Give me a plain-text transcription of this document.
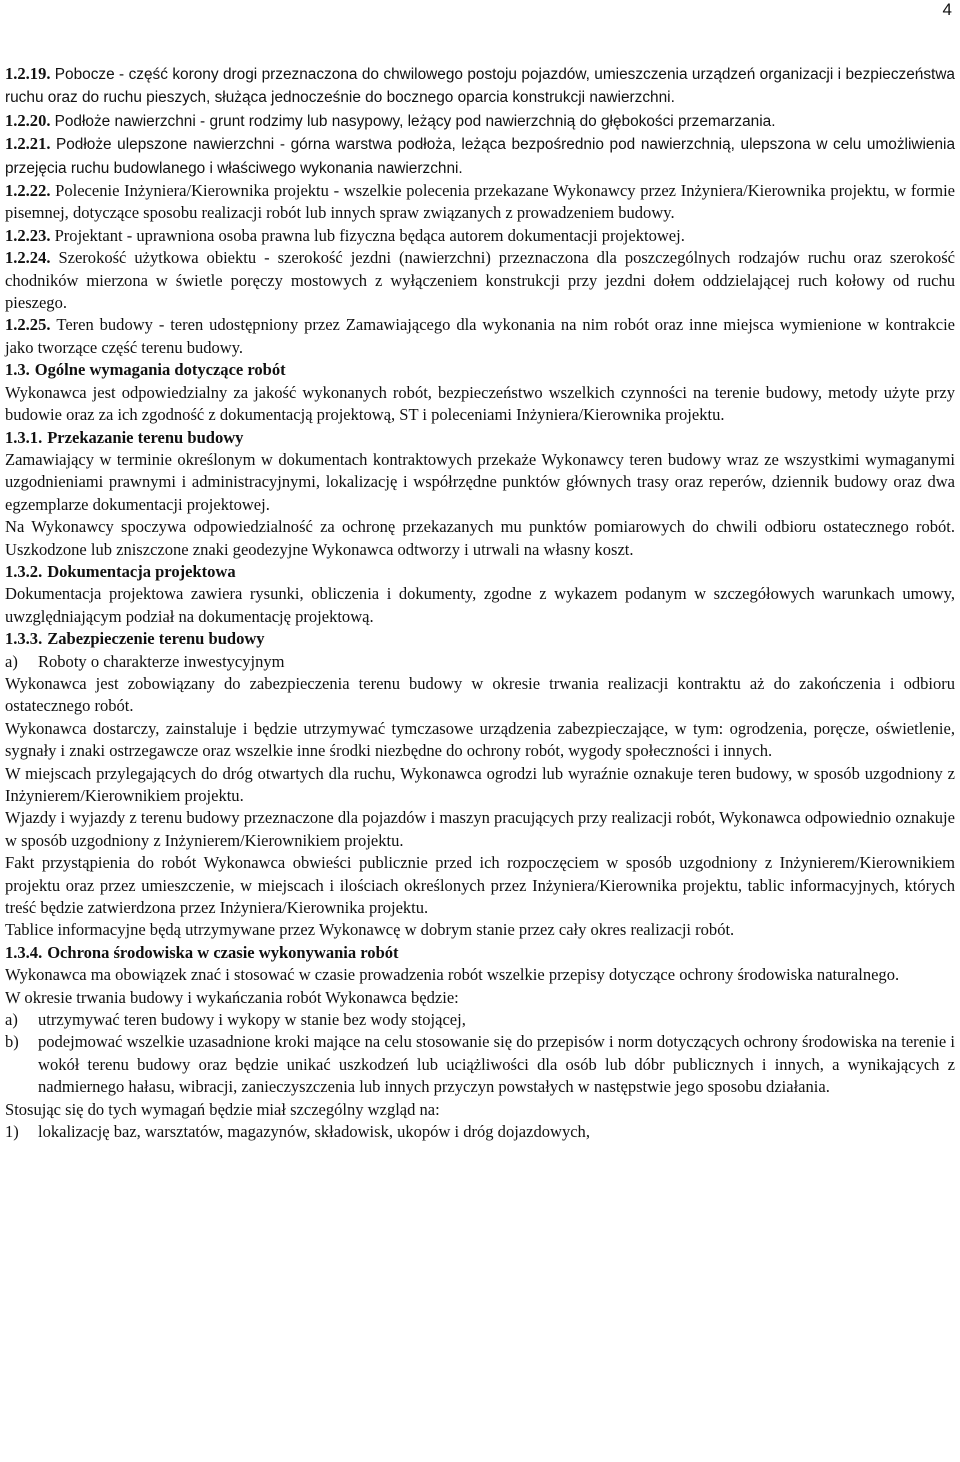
4

1.2.19. Pobocze - część korony drogi przeznaczona do chwilowego postoju pojazdów, umieszczenia urządzeń organizacji i bezpieczeństwa ruchu oraz do ruchu pieszych, służąca jednocześnie do bocznego oparcia konstrukcji nawierzchni.

1.2.20. Podłoże nawierzchni - grunt rodzimy lub nasypowy, leżący pod nawierzchnią do głębokości przemarzania.

1.2.21. Podłoże ulepszone nawierzchni - górna warstwa podłoża, leżąca bezpośrednio pod nawierzchnią, ulepszona w celu umożliwienia przejęcia ruchu budowlanego i właściwego wykonania nawierzchni.

1.2.22. Polecenie Inżyniera/Kierownika projektu - wszelkie polecenia przekazane Wykonawcy przez Inżyniera/Kierownika projektu, w formie pisemnej, dotyczące sposobu realizacji robót lub innych spraw związanych z prowadzeniem budowy.

1.2.23. Projektant - uprawniona osoba prawna lub fizyczna będąca autorem dokumentacji projektowej.

1.2.24. Szerokość użytkowa obiektu - szerokość jezdni (nawierzchni) przeznaczona dla poszczególnych rodzajów ruchu oraz szerokość chodników mierzona w świetle poręczy mostowych z wyłączeniem konstrukcji przy jezdni dołem oddzielającej ruch kołowy od ruchu pieszego.

1.2.25. Teren budowy - teren udostępniony przez Zamawiającego dla wykonania na nim robót oraz inne miejsca wymienione w kontrakcie jako tworzące część terenu budowy.

1.3. Ogólne wymagania dotyczące robót

Wykonawca jest odpowiedzialny za jakość wykonanych robót, bezpieczeństwo wszelkich czynności na terenie budowy, metody użyte przy budowie oraz za ich zgodność z dokumentacją projektową, ST i poleceniami Inżyniera/Kierownika projektu.

1.3.1. Przekazanie terenu budowy

Zamawiający w terminie określonym w dokumentach kontraktowych przekaże Wykonawcy teren budowy wraz ze wszystkimi wymaganymi uzgodnieniami prawnymi i administracyjnymi, lokalizację i współrzędne punktów głównych trasy oraz reperów, dziennik budowy oraz dwa egzemplarze dokumentacji projektowej.

Na Wykonawcy spoczywa odpowiedzialność za ochronę przekazanych mu punktów pomiarowych do chwili odbioru ostatecznego robót. Uszkodzone lub zniszczone znaki geodezyjne Wykonawca odtworzy i utrwali na własny koszt.

1.3.2. Dokumentacja projektowa

Dokumentacja projektowa zawiera rysunki, obliczenia i dokumenty, zgodne z wykazem podanym w szczegółowych warunkach umowy, uwzględniającym podział na dokumentację projektową.

1.3.3. Zabezpieczenie terenu budowy

a)	Roboty o charakterze inwestycyjnym

Wykonawca jest zobowiązany do zabezpieczenia terenu budowy w okresie trwania realizacji kontraktu aż do zakończenia i odbioru ostatecznego robót.

Wykonawca dostarczy, zainstaluje i będzie utrzymywać tymczasowe urządzenia zabezpieczające, w tym: ogrodzenia, poręcze, oświetlenie, sygnały i znaki ostrzegawcze oraz wszelkie inne środki niezbędne do ochrony robót, wygody społeczności i innych.

W miejscach przylegających do dróg otwartych dla ruchu, Wykonawca ogrodzi lub wyraźnie oznakuje teren budowy, w sposób uzgodniony z Inżynierem/Kierownikiem projektu.

Wjazdy i wyjazdy z terenu budowy przeznaczone dla pojazdów i maszyn pracujących przy realizacji robót, Wykonawca odpowiednio oznakuje w sposób uzgodniony z Inżynierem/Kierownikiem projektu.

Fakt przystąpienia do robót Wykonawca obwieści publicznie przed ich rozpoczęciem w sposób uzgodniony z Inżynierem/Kierownikiem projektu oraz przez umieszczenie, w miejscach i ilościach określonych przez Inżyniera/Kierownika projektu, tablic informacyjnych, których treść będzie zatwierdzona przez Inżyniera/Kierownika projektu.

Tablice informacyjne będą utrzymywane przez Wykonawcę w dobrym stanie przez cały okres realizacji robót.

1.3.4. Ochrona środowiska w czasie wykonywania robót

Wykonawca ma obowiązek znać i stosować w czasie prowadzenia robót wszelkie przepisy dotyczące ochrony środowiska naturalnego.

W okresie trwania budowy i wykańczania robót Wykonawca będzie:

a)	utrzymywać teren budowy i wykopy w stanie bez wody stojącej,
b)	podejmować wszelkie uzasadnione kroki mające na celu stosowanie się do przepisów i norm dotyczących ochrony środowiska na terenie i wokół terenu budowy oraz będzie unikać uszkodzeń lub uciążliwości dla osób lub dóbr publicznych i innych, a wynikających z nadmiernego hałasu, wibracji, zanieczyszczenia lub innych przyczyn powstałych w następstwie jego sposobu działania.

Stosując się do tych wymagań będzie miał szczególny wzgląd na:

1)	lokalizację baz, warsztatów, magazynów, składowisk, ukopów i dróg dojazdowych,
